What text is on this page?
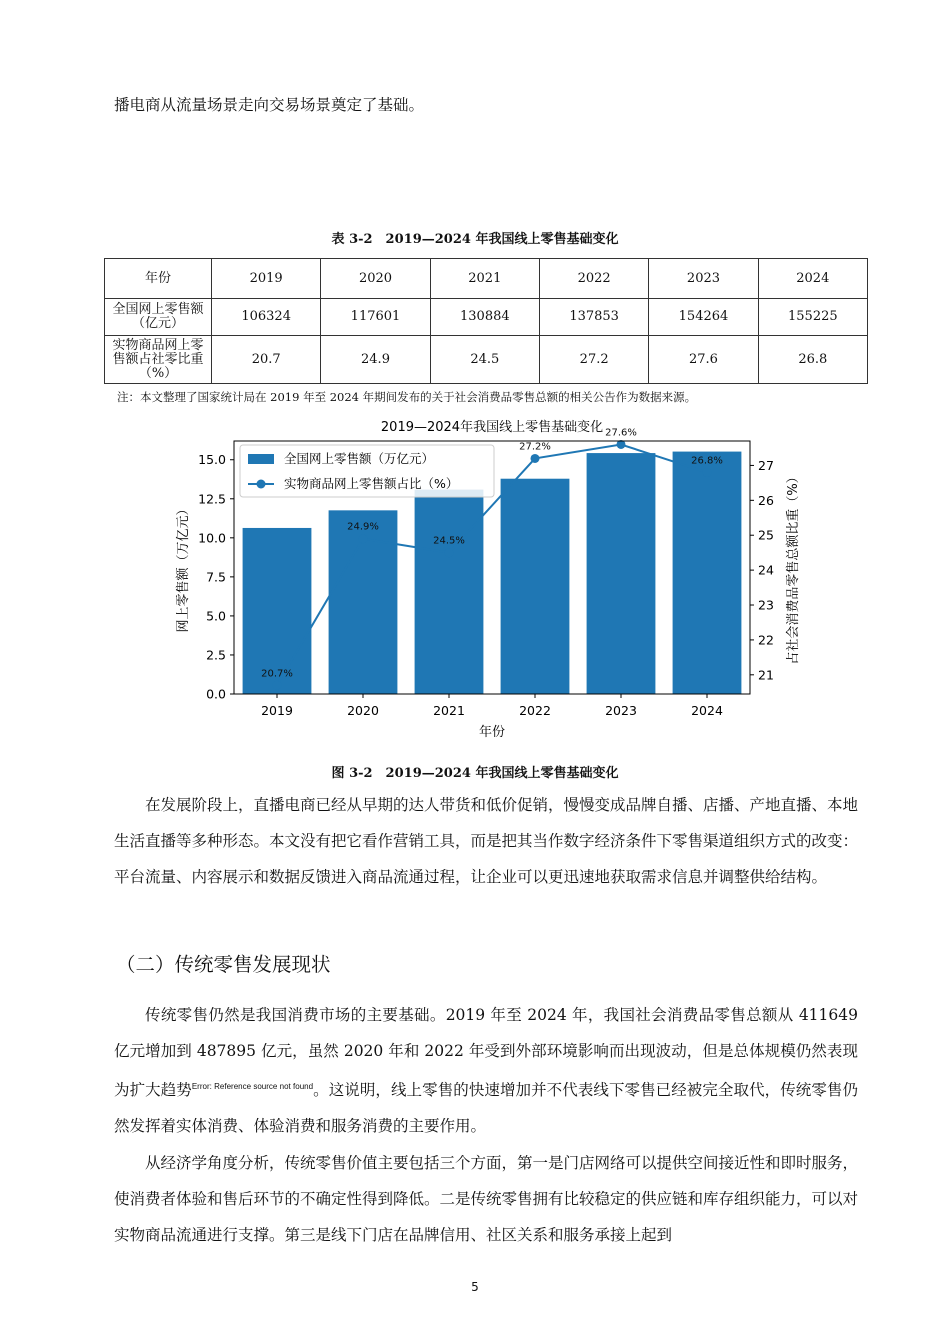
播电商从流量场景走向交易场景奠定了基础。

表 3-2　2019—2024 年我国线上零售基础变化
年份	2019	2020	2021	2022	2023	2024
全国网上零售额（亿元）	106324	117601	130884	137853	154264	155225
实物商品网上零售额占社零比重（%）	20.7	24.9	24.5	27.2	27.6	26.8
注：本文整理了国家统计局在 2019 年至 2024 年期间发布的关于社会消费品零售总额的相关公告作为数据来源。
2019—2024年我国线上零售基础变化
20.7%
24.9%
24.5%
27.2%
27.6%
26.8%
0.0
2.5
5.0
7.5
10.0
12.5
15.0
21
22
23
24
25
26
27
2019	2020	2021	2022	2023	2024
年份
网上零售额（万亿元）	占社会消费品零售总额比重（%）
全国网上零售额（万亿元）
实物商品网上零售额占比（%）
图 3-2　2019—2024 年我国线上零售基础变化

在发展阶段上，直播电商已经从早期的达人带货和低价促销，慢慢变成品牌自播、店播、产地直播、本地生活直播等多种形态。本文没有把它看作营销工具，而是把其当作数字经济条件下零售渠道组织方式的改变：平台流量、内容展示和数据反馈进入商品流通过程，让企业可以更迅速地获取需求信息并调整供给结构。

（二）传统零售发展现状

传统零售仍然是我国消费市场的主要基础。2019 年至 2024 年，我国社会消费品零售总额从 411649 亿元增加到 487895 亿元，虽然 2020 年和 2022 年受到外部环境影响而出现波动，但是总体规模仍然表现为扩大趋势$^{Error: Reference source not found}$。这说明，线上零售的快速增加并不代表线下零售已经被完全取代，传统零售仍然发挥着实体消费、体验消费和服务消费的主要作用。

从经济学角度分析，传统零售价值主要包括三个方面，第一是门店网络可以提供空间接近性和即时服务，使消费者体验和售后环节的不确定性得到降低。二是传统零售拥有比较稳定的供应链和库存组织能力，可以对实物商品流通进行支撑。第三是线下门店在品牌信用、社区关系和服务承接上起到

5
